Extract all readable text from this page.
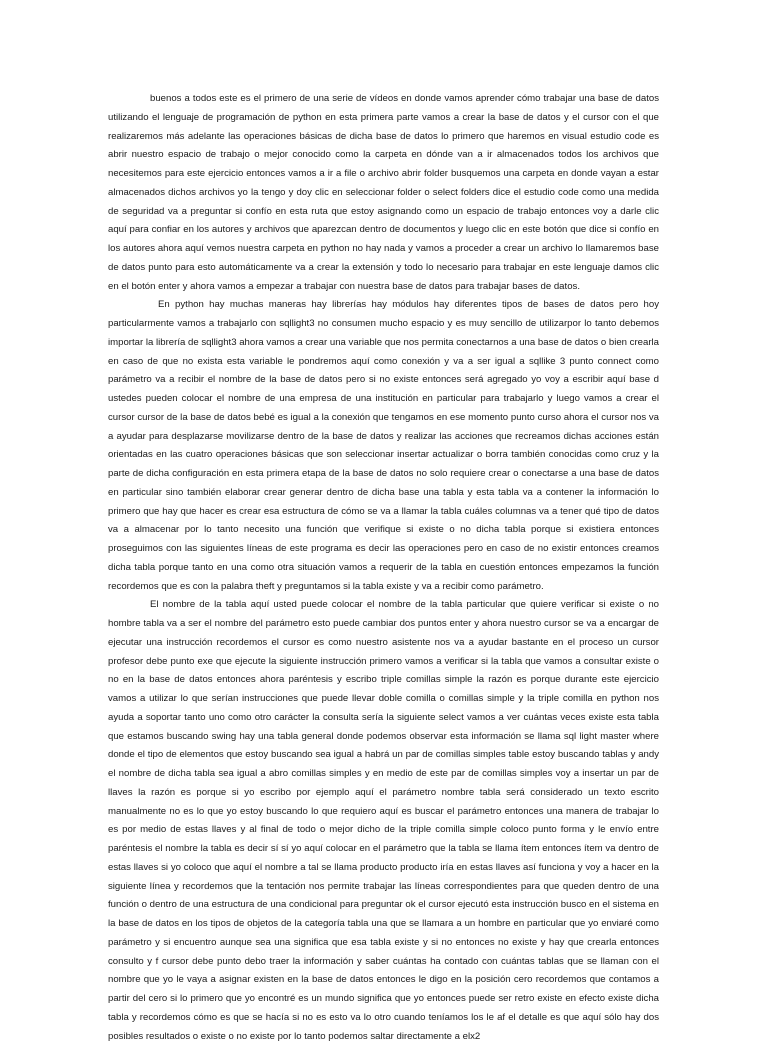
buenos a todos este es el primero de una serie de vídeos en donde vamos aprender cómo trabajar una base de datos utilizando el lenguaje de programación de python en esta primera parte vamos a crear la base de datos y el cursor con el que realizaremos más adelante las operaciones básicas de dicha base de datos lo primero que haremos en visual estudio code es abrir nuestro espacio de trabajo o mejor conocido como la carpeta en dónde van a ir almacenados todos los archivos que necesitemos para este ejercicio entonces vamos a ir a file o archivo abrir folder busquemos una carpeta en donde vayan a estar almacenados dichos archivos yo la tengo y doy clic en seleccionar folder o select folders dice el estudio code como una medida de seguridad va a preguntar si confío en esta ruta que estoy asignando como un espacio de trabajo entonces voy a darle clic aquí para confiar en los autores y archivos que aparezcan dentro de documentos y luego clic en este botón que dice si confío en los autores ahora aquí vemos nuestra carpeta en python no hay nada y vamos a proceder a crear un archivo lo llamaremos base de datos punto para esto automáticamente va a crear la extensión y todo lo necesario para trabajar en este lenguaje damos clic en el botón enter y ahora vamos a empezar a trabajar con nuestra base de datos para trabajar bases de datos.

En python hay muchas maneras hay librerías hay módulos hay diferentes tipos de bases de datos pero hoy particularmente vamos a trabajarlo con sqllight3 no consumen mucho espacio y es muy sencillo de utilizarpor lo tanto debemos importar la librería de sqllight3 ahora vamos a crear una variable que nos permita conectarnos a una base de datos o bien crearla en caso de que no exista esta variable le pondremos aquí como conexión y va a ser igual a sqllike 3 punto connect como parámetro va a recibir el nombre de la base de datos pero si no existe entonces será agregado yo voy a escribir aquí base d ustedes pueden colocar el nombre de una empresa de una institución en particular para trabajarlo y luego vamos a crear el cursor cursor de la base de datos bebé es igual a la conexión que tengamos en ese momento punto curso ahora el cursor nos va a ayudar para desplazarse movilizarse dentro de la base de datos y realizar las acciones que recreamos dichas acciones están orientadas en las cuatro operaciones básicas que son seleccionar insertar actualizar o borra también conocidas como cruz y la parte de dicha configuración en esta primera etapa de la base de datos no solo requiere crear o conectarse a una base de datos en particular sino también elaborar crear generar dentro de dicha base una tabla y esta tabla va a contener la información lo primero que hay que hacer es crear esa estructura de cómo se va a llamar la tabla cuáles columnas va a tener qué tipo de datos va a almacenar por lo tanto necesito una función que verifique si existe o no dicha tabla porque si existiera entonces proseguimos con las siguientes líneas de este programa es decir las operaciones pero en caso de no existir entonces creamos dicha tabla porque tanto en una como otra situación vamos a requerir de la tabla en cuestión entonces empezamos la función recordemos que es con la palabra theft y preguntamos si la tabla existe y va a recibir como parámetro.

El nombre de la tabla aquí usted puede colocar el nombre de la tabla particular que quiere verificar si existe o no hombre tabla va a ser el nombre del parámetro esto puede cambiar dos puntos enter y ahora nuestro cursor se va a encargar de ejecutar una instrucción recordemos el cursor es como nuestro asistente nos va a ayudar bastante en el proceso un cursor profesor debe punto exe que ejecute la siguiente instrucción primero vamos a verificar si la tabla que vamos a consultar existe o no en la base de datos entonces ahora paréntesis y escribo triple comillas simple la razón es porque durante este ejercicio vamos a utilizar lo que serían instrucciones que puede llevar doble comilla o comillas simple y la triple comilla en python nos ayuda a soportar tanto uno como otro carácter la consulta sería la siguiente select vamos a ver cuántas veces existe esta tabla que estamos buscando swing hay una tabla general donde podemos observar esta información se llama sql light master where donde el tipo de elementos que estoy buscando sea igual a habrá un par de comillas simples table estoy buscando tablas y andy el nombre de dicha tabla sea igual a abro comillas simples y en medio de este par de comillas simples voy a insertar un par de llaves la razón es porque si yo escribo por ejemplo aquí el parámetro nombre tabla será considerado un texto escrito manualmente no es lo que yo estoy buscando lo que requiero aquí es buscar el parámetro entonces una manera de trabajar lo es por medio de estas llaves y al final de todo o mejor dicho de la triple comilla simple coloco punto forma y le envío entre paréntesis el nombre la tabla es decir sí sí yo aquí colocar en el parámetro que la tabla se llama ítem entonces ítem va dentro de estas llaves si yo coloco que aquí el nombre a tal se llama producto producto iría en estas llaves así funciona y voy a hacer en la siguiente línea y recordemos que la tentación nos permite trabajar las líneas correspondientes para que queden dentro de una función o dentro de una estructura de una condicional para preguntar ok el cursor ejecutó esta instrucción busco en el sistema en la base de datos en los tipos de objetos de la categoría tabla una que se llamara a un hombre en particular que yo enviaré como parámetro y si encuentro aunque sea una significa que esa tabla existe y si no entonces no existe y hay que crearla entonces consulto y f cursor debe punto debo traer la información y saber cuántas ha contado con cuántas tablas que se llaman con el nombre que yo le vaya a asignar existen en la base de datos entonces le digo en la posición cero recordemos que contamos a partir del cero si lo primero que yo encontré es un mundo significa que yo entonces puede ser retro existe en efecto existe dicha tabla y recordemos cómo es que se hacía si no es esto va lo otro cuando teníamos los le af el detalle es que aquí sólo hay dos posibles resultados o existe o no existe por lo tanto podemos saltar directamente a elx2
